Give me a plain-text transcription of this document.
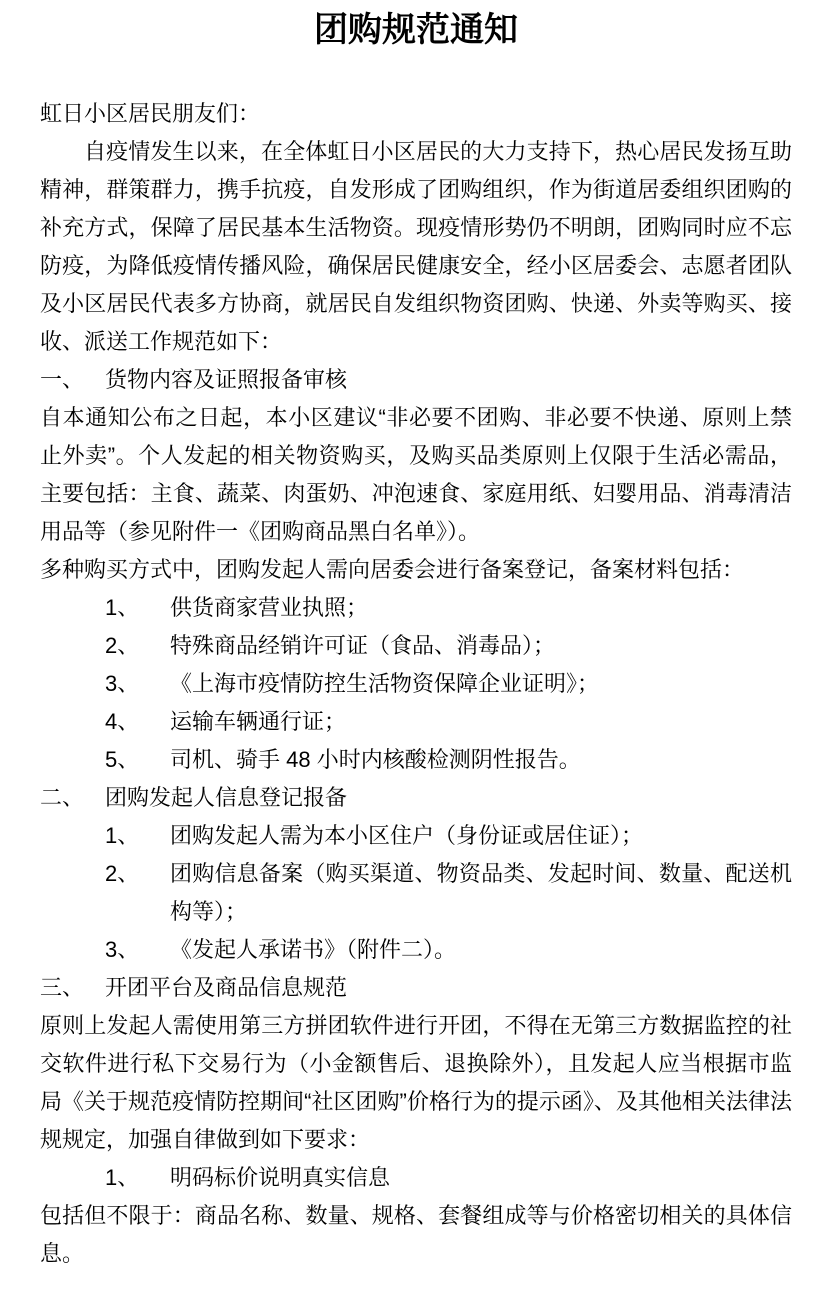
团购规范通知

虹日小区居民朋友们：

自疫情发生以来，在全体虹日小区居民的大力支持下，热心居民发扬互助精神，群策群力，携手抗疫，自发形成了团购组织，作为街道居委组织团购的补充方式，保障了居民基本生活物资。现疫情形势仍不明朗，团购同时应不忘防疫，为降低疫情传播风险，确保居民健康安全，经小区居委会、志愿者团队及小区居民代表多方协商，就居民自发组织物资团购、快递、外卖等购买、接收、派送工作规范如下：

一、 货物内容及证照报备审核

自本通知公布之日起，本小区建议“非必要不团购、非必要不快递、原则上禁止外卖”。个人发起的相关物资购买，及购买品类原则上仅限于生活必需品，主要包括：主食、蔬菜、肉蛋奶、冲泡速食、家庭用纸、妇婴用品、消毒清洁用品等（参见附件一《团购商品黑白名单》）。

多种购买方式中，团购发起人需向居委会进行备案登记，备案材料包括：

1、 供货商家营业执照；
2、 特殊商品经销许可证（食品、消毒品）；
3、 《上海市疫情防控生活物资保障企业证明》；
4、 运输车辆通行证；
5、 司机、骑手 48 小时内核酸检测阴性报告。
二、 团购发起人信息登记报备
1、 团购发起人需为本小区住户（身份证或居住证）；
2、 团购信息备案（购买渠道、物资品类、发起时间、数量、配送机构等）；
3、 《发起人承诺书》（附件二）。
三、 开团平台及商品信息规范

原则上发起人需使用第三方拼团软件进行开团，不得在无第三方数据监控的社交软件进行私下交易行为（小金额售后、退换除外），且发起人应当根据市监局《关于规范疫情防控期间“社区团购”价格行为的提示函》、及其他相关法律法规规定，加强自律做到如下要求：

1、 明码标价说明真实信息

包括但不限于：商品名称、数量、规格、套餐组成等与价格密切相关的具体信息。
